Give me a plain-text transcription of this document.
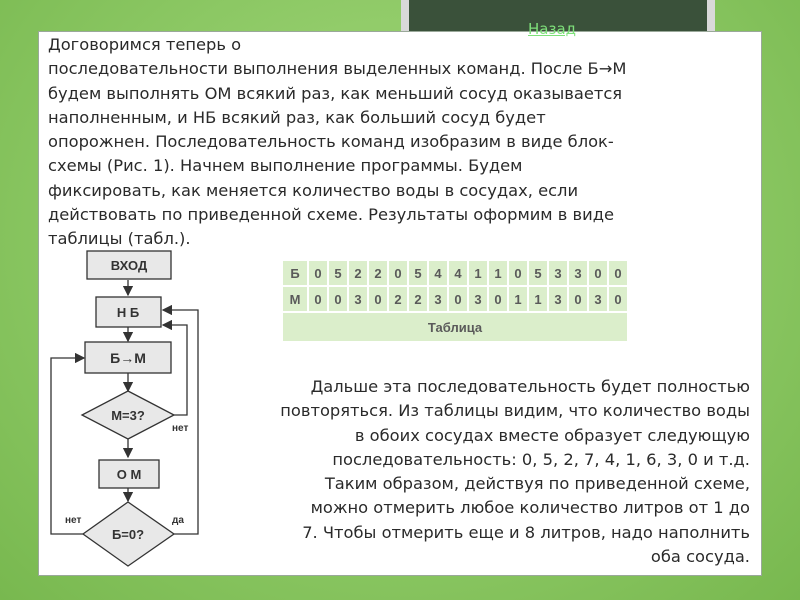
Назад

Договоримся теперь о
последовательности выполнения выделенных команд. После Б→М
будем выполнять ОМ всякий раз, как меньший сосуд оказывается
наполненным, и НБ всякий раз, как больший сосуд будет
опорожнен. Последовательность команд изобразим в виде блок-
схемы (Рис. 1). Начнем выполнение программы. Будем
фиксировать, как меняется количество воды в сосудах, если
действовать по приведенной схеме. Результаты оформим в виде
таблицы (табл.).

ВХОД
Н Б
Б→М
М=3?
нет
О М
Б=0?
нет	да
Б	0	5	2	2	0	5	4	4	1	1	0	5	3	3	0	0
М	0	0	3	0	2	2	3	0	3	0	1	1	3	0	3	0
Таблица																

Дальше эта последовательность будет полностью
повторяться. Из таблицы видим, что количество воды
в обоих сосудах вместе образует следующую
последовательность: 0, 5, 2, 7, 4, 1, 6, 3, 0 и т.д.
Таким образом, действуя по приведенной схеме,
можно отмерить любое количество литров от 1 до
7. Чтобы отмерить еще и 8 литров, надо наполнить
оба сосуда.
